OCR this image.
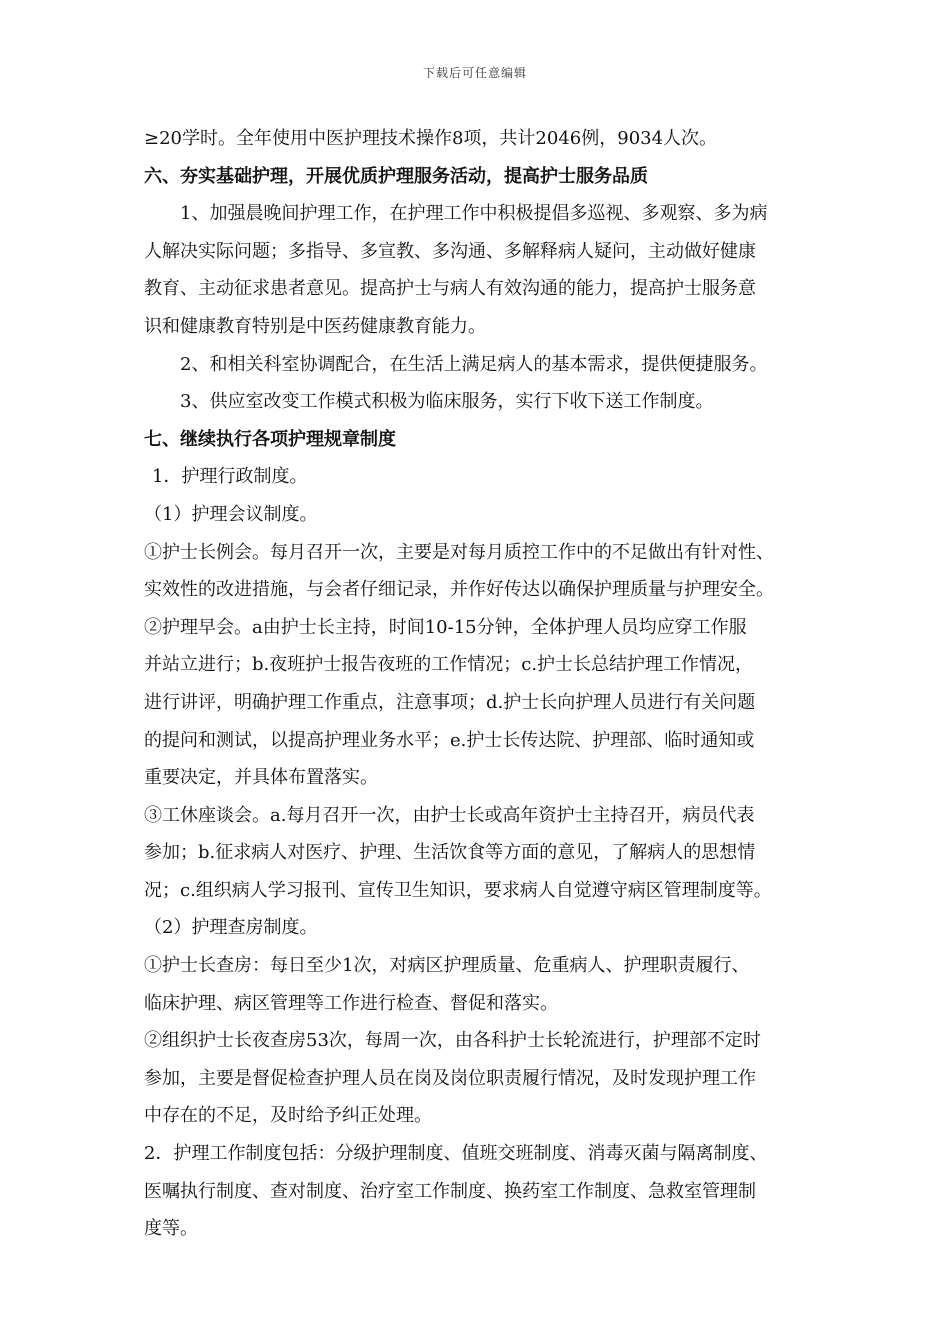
下载后可任意编辑
≥20学时。全年使用中医护理技术操作8项，共计2046例，9034人次。
六、夯实基础护理，开展优质护理服务活动，提高护士服务品质
1、加强晨晚间护理工作，在护理工作中积极提倡多巡视、多观察、多为病
人解决实际问题；多指导、多宣教、多沟通、多解释病人疑问，主动做好健康
教育、主动征求患者意见。提高护士与病人有效沟通的能力，提高护士服务意
识和健康教育特别是中医药健康教育能力。
2、和相关科室协调配合，在生活上满足病人的基本需求，提供便捷服务。
3、供应室改变工作模式积极为临床服务，实行下收下送工作制度。
七、继续执行各项护理规章制度
1．护理行政制度。
（1）护理会议制度。
①护士长例会。每月召开一次，主要是对每月质控工作中的不足做出有针对性、
实效性的改进措施，与会者仔细记录，并作好传达以确保护理质量与护理安全。
②护理早会。a由护士长主持，时间10-15分钟，全体护理人员均应穿工作服
并站立进行；b.夜班护士报告夜班的工作情况；c.护士长总结护理工作情况，
进行讲评，明确护理工作重点，注意事项；d.护士长向护理人员进行有关问题
的提问和测试，以提高护理业务水平；e.护士长传达院、护理部、临时通知或
重要决定，并具体布置落实。
③工休座谈会。a.每月召开一次，由护士长或高年资护士主持召开，病员代表
参加；b.征求病人对医疗、护理、生活饮食等方面的意见，了解病人的思想情
况；c.组织病人学习报刊、宣传卫生知识，要求病人自觉遵守病区管理制度等。
（2）护理查房制度。
①护士长查房：每日至少1次，对病区护理质量、危重病人、护理职责履行、
临床护理、病区管理等工作进行检查、督促和落实。
②组织护士长夜查房53次，每周一次，由各科护士长轮流进行，护理部不定时
参加，主要是督促检查护理人员在岗及岗位职责履行情况，及时发现护理工作
中存在的不足，及时给予纠正处理。
2．护理工作制度包括：分级护理制度、值班交班制度、消毒灭菌与隔离制度、
医嘱执行制度、查对制度、治疗室工作制度、换药室工作制度、急救室管理制
度等。
